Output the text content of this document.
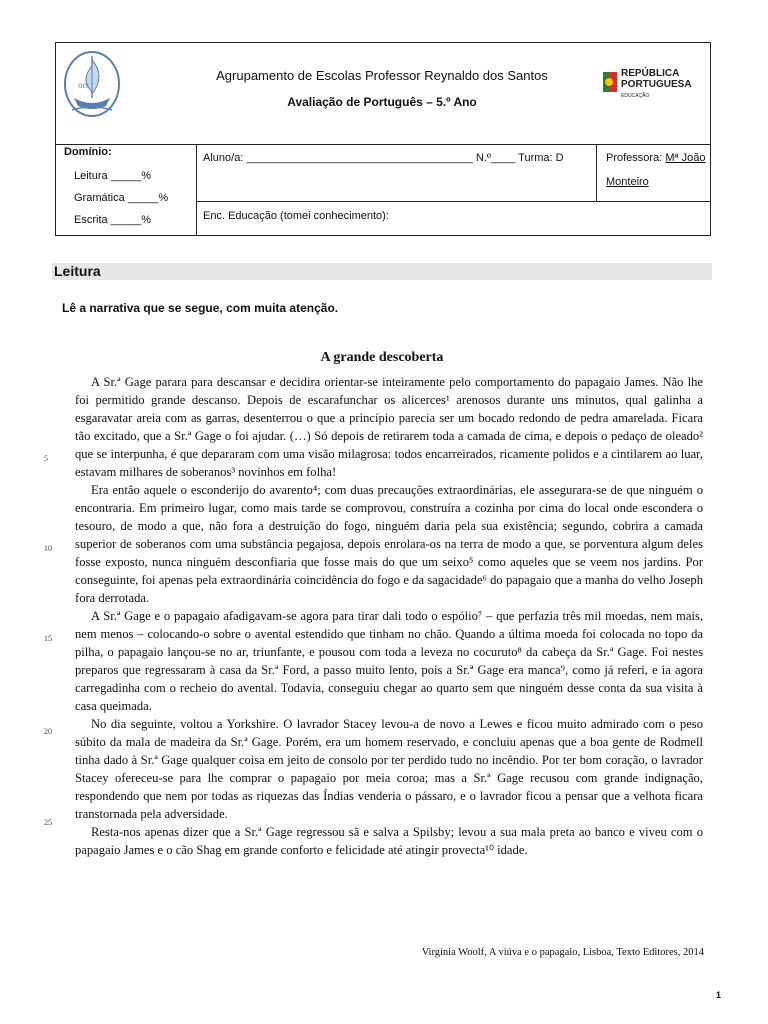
ors
Agrupamento de Escolas Professor Reynaldo dos Santos
Avaliação de Português – 5.º Ano
REPÚBLICA
PORTUGUESA
EDUCAÇÃO
Domínio:
Leitura _____%
Gramática _____%
Escrita _____%
Aluno/a: _____________________________________ N.º____ Turma: D	Professora: Mª João
Monteiro
Enc. Educação (tomei conhecimento):
Leitura
Lê a narrativa que se segue, com muita atenção.
A grande descoberta

A Sr.ª Gage parara para descansar e decidira orientar-se inteiramente pelo comportamento do papagaio James. Não lhe foi permitido grande descanso. Depois de escarafunchar os alicerces¹ arenosos durante uns minutos, qual galinha a esgaravatar areia com as garras, desenterrou o que a princípio parecia ser um bocado redondo de pedra amarelada. Ficara tão excitado, que a Sr.ª Gage o foi ajudar. (…) Só depois de retirarem toda a camada de cima, e depois o pedaço de oleado² que se interpunha, é que depararam com uma visão milagrosa: todos encarreirados, ricamente polidos e a cintilarem ao luar, estavam milhares de soberanos³ novinhos em folha!

Era então aquele o esconderijo do avarento⁴; com duas precauções extraordinárias, ele assegurara-se de que ninguém o encontraria. Em primeiro lugar, como mais tarde se comprovou, construíra a cozinha por cima do local onde escondera o tesouro, de modo a que, não fora a destruição do fogo, ninguém daria pela sua existência; segundo, cobrira a camada superior de soberanos com uma substância pegajosa, depois enrolara-os na terra de modo a que, se porventura algum deles fosse exposto, nunca ninguém desconfiaria que fosse mais do que um seixo⁵ como aqueles que se veem nos jardins. Por conseguinte, foi apenas pela extraordinária coincidência do fogo e da sagacidade⁶ do papagaio que a manha do velho Joseph fora derrotada.

A Sr.ª Gage e o papagaio afadigavam-se agora para tirar dali todo o espólio⁷ – que perfazia três mil moedas, nem mais, nem menos – colocando-o sobre o avental estendido que tinham no chão. Quando a última moeda foi colocada no topo da pilha, o papagaio lançou-se no ar, triunfante, e pousou com toda a leveza no cocuruto⁸ da cabeça da Sr.ª Gage. Foi nestes preparos que regressaram à casa da Sr.ª Ford, a passo muito lento, pois a Sr.ª Gage era manca⁹, como já referi, e ia agora carregadinha com o recheio do avental. Todavia, conseguiu chegar ao quarto sem que ninguém desse conta da sua visita à casa queimada.

No dia seguinte, voltou a Yorkshire. O lavrador Stacey levou-a de novo a Lewes e ficou muito admirado com o peso súbito da mala de madeira da Sr.ª Gage. Porém, era um homem reservado, e concluiu apenas que a boa gente de Rodmell tinha dado à Sr.ª Gage qualquer coisa em jeito de consolo por ter perdido tudo no incêndio. Por ter bom coração, o lavrador Stacey ofereceu-se para lhe comprar o papagaio por meia coroa; mas a Sr.ª Gage recusou com grande indignação, respondendo que nem por todas as riquezas das Índias venderia o pássaro, e o lavrador ficou a pensar que a velhota ficara transtornada pela adversidade.

Resta-nos apenas dizer que a Sr.ª Gage regressou sã e salva a Spilsby; levou a sua mala preta ao banco e viveu com o papagaio James e o cão Shag em grande conforto e felicidade até atingir provecta¹⁰ idade.

5
10
15
20
25
Virgínia Woolf, A viúva e o papagaio, Lisboa, Texto Editores, 2014
1
